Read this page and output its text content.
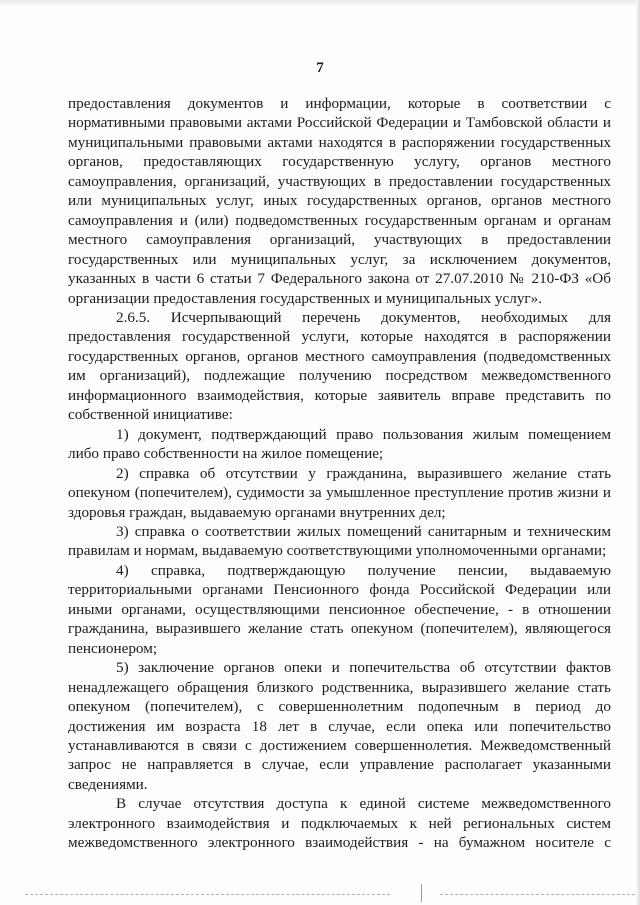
7

предоставления документов и информации, которые в соответствии с нормативными правовыми актами Российской Федерации и Тамбовской области и муниципальными правовыми актами находятся в распоряжении государственных органов, предоставляющих государственную услугу, органов местного самоуправления, организаций, участвующих в предоставлении государственных или муниципальных услуг, иных государственных органов, органов местного самоуправления и (или) подведомственных государственным органам и органам местного самоуправления организаций, участвующих в предоставлении государственных или муниципальных услуг, за исключением документов, указанных в части 6 статьи 7 Федерального закона от 27.07.2010 № 210-ФЗ «Об организации предоставления государственных и муниципальных услуг».

2.6.5. Исчерпывающий перечень документов, необходимых для предоставления государственной услуги, которые находятся в распоряжении государственных органов, органов местного самоуправления (подведомственных им организаций), подлежащие получению посредством межведомственного информационного взаимодействия, которые заявитель вправе представить по собственной инициативе:

1) документ, подтверждающий право пользования жилым помещением либо право собственности на жилое помещение;

2) справка об отсутствии у гражданина, выразившего желание стать опекуном (попечителем), судимости за умышленное преступление против жизни и здоровья граждан, выдаваемую органами внутренних дел;

3) справка о соответствии жилых помещений санитарным и техническим правилам и нормам, выдаваемую соответствующими уполномоченными органами;

4) справка, подтверждающую получение пенсии, выдаваемую территориальными органами Пенсионного фонда Российской Федерации или иными органами, осуществляющими пенсионное обеспечение, - в отношении гражданина, выразившего желание стать опекуном (попечителем), являющегося пенсионером;

5) заключение органов опеки и попечительства об отсутствии фактов ненадлежащего обращения близкого родственника, выразившего желание стать опекуном (попечителем), с совершеннолетним подопечным в период до достижения им возраста 18 лет в случае, если опека или попечительство устанавливаются в связи с достижением совершеннолетия. Межведомственный запрос не направляется в случае, если управление располагает указанными сведениями.

В случае отсутствия доступа к единой системе межведомственного электронного взаимодействия и подключаемых к ней региональных систем межведомственного электронного взаимодействия - на бумажном носителе с
